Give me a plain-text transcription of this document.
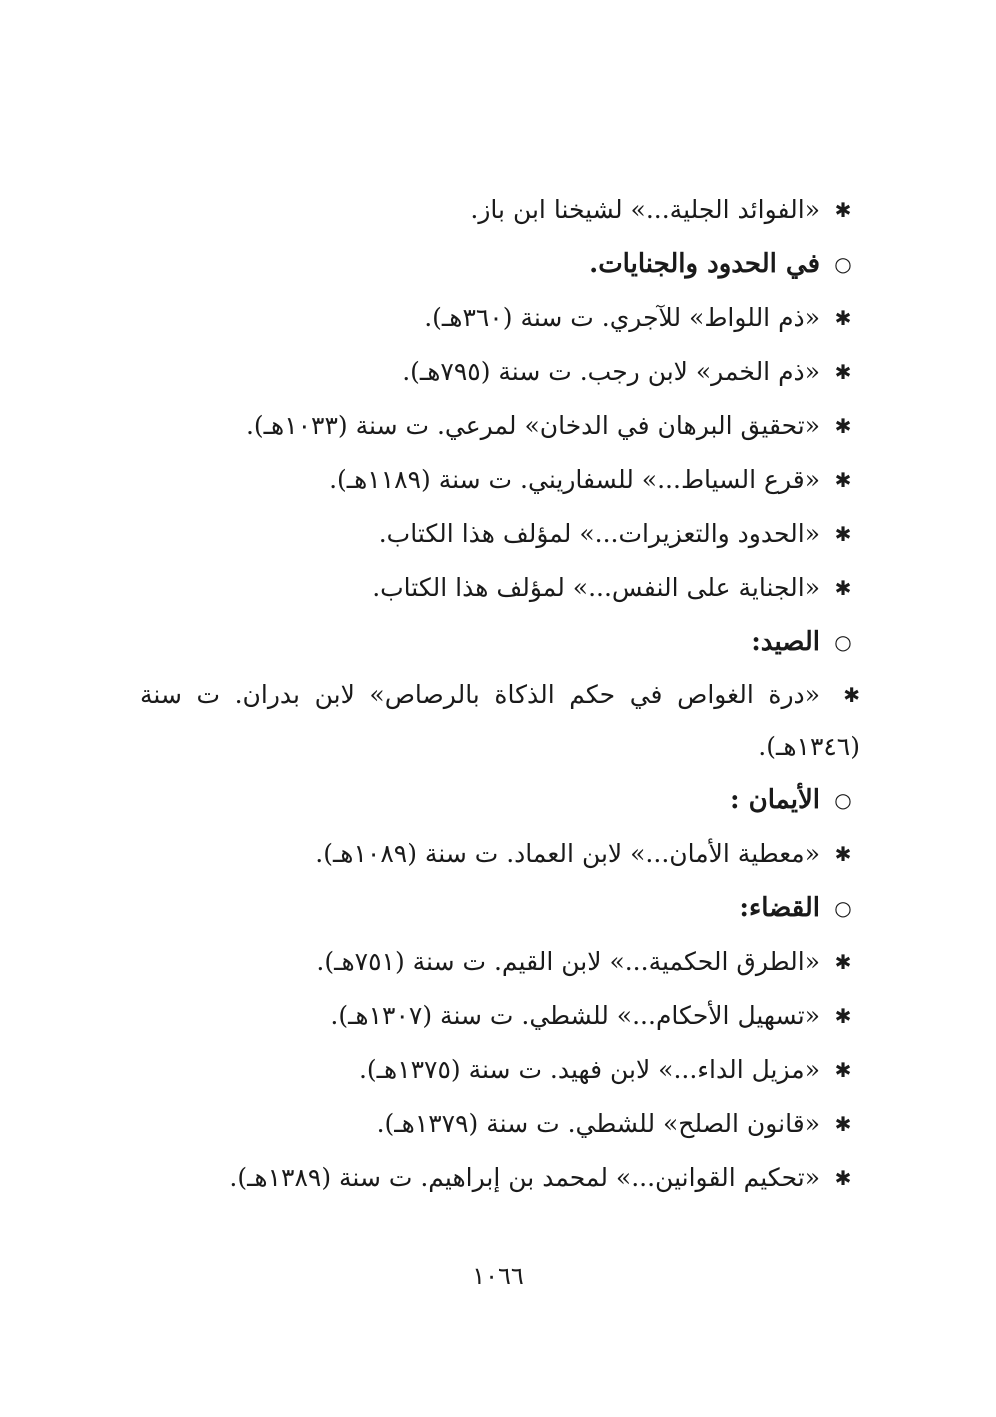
✱
«الفوائد الجلية...» لشيخنا ابن باز.
○
في الحدود والجنايات.
✱
«ذم اللواط» للآجري. ت سنة (٣٦٠هـ).
✱
«ذم الخمر» لابن رجب. ت سنة (٧٩٥هـ).
✱
«تحقيق البرهان في الدخان» لمرعي. ت سنة (١٠٣٣هـ).
✱
«قرع السياط...» للسفاريني. ت سنة (١١٨٩هـ).
✱
«الحدود والتعزيرات...» لمؤلف هذا الكتاب.
✱
«الجناية على النفس...» لمؤلف هذا الكتاب.
○
الصيد:
✱
«درة الغواص في حكم الذكاة بالرصاص» لابن بدران. ت سنة (١٣٤٦هـ).
○
الأيمان :
✱
«معطية الأمان...» لابن العماد. ت سنة (١٠٨٩هـ).
○
القضاء:
✱
«الطرق الحكمية...» لابن القيم. ت سنة (٧٥١هـ).
✱
«تسهيل الأحكام...» للشطي. ت سنة (١٣٠٧هـ).
✱
«مزيل الداء...» لابن فهيد. ت سنة (١٣٧٥هـ).
✱
«قانون الصلح» للشطي. ت سنة (١٣٧٩هـ).
✱
«تحكيم القوانين...» لمحمد بن إبراهيم. ت سنة (١٣٨٩هـ).
١٠٦٦
